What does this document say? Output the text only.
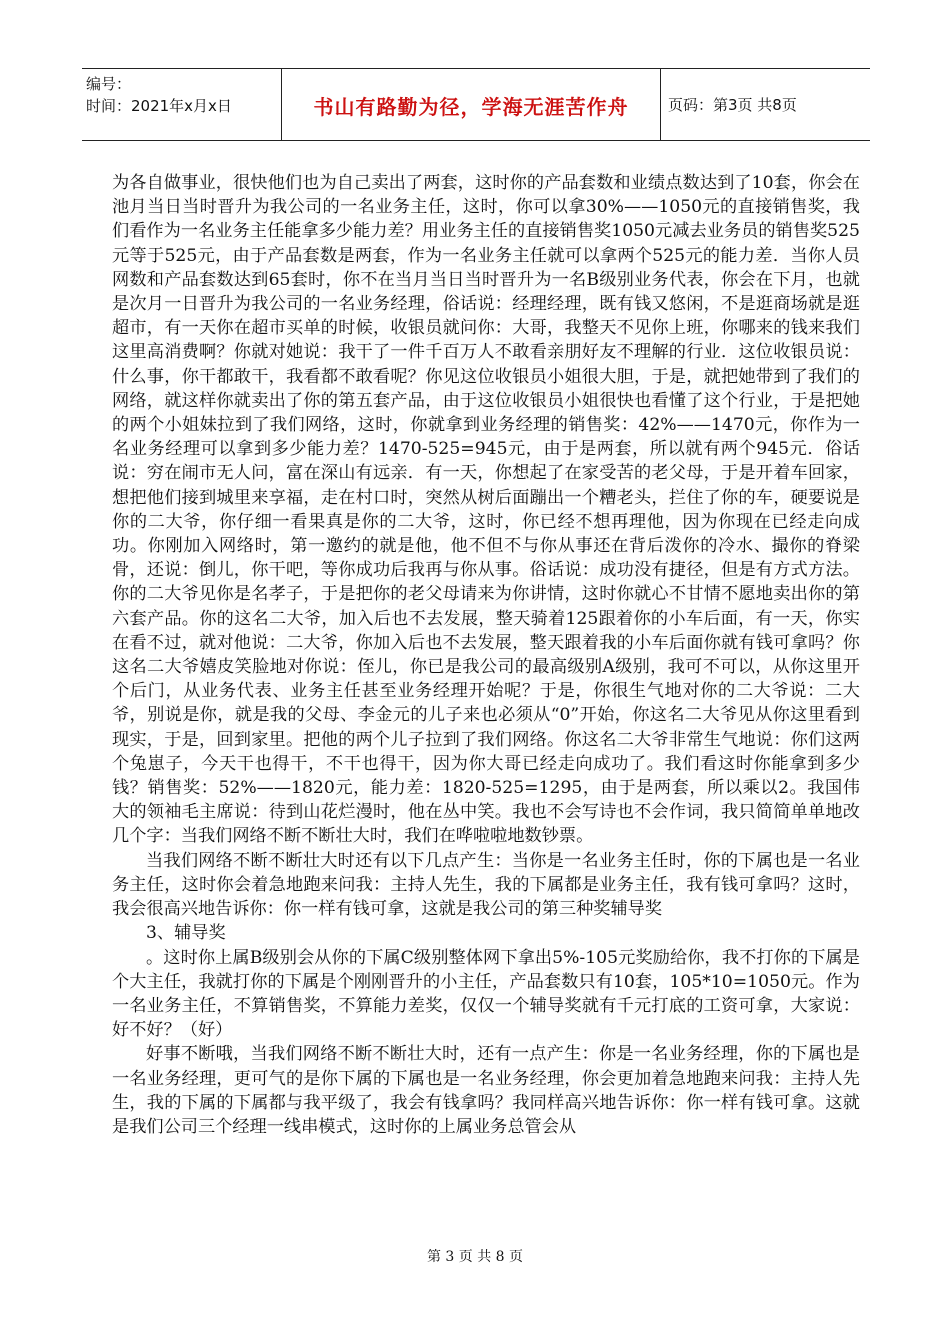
编号：
时间：2021年x月x日	书山有路勤为径，学海无涯苦作舟	页码：第3页 共8页

为各自做事业，很快他们也为自己卖出了两套，这时你的产品套数和业绩点数达到了10套，你会在池月当日当时晋升为我公司的一名业务主任，这时，你可以拿30%——1050元的直接销售奖，我们看作为一名业务主任能拿多少能力差？用业务主任的直接销售奖1050元减去业务员的销售奖525元等于525元，由于产品套数是两套，作为一名业务主任就可以拿两个525元的能力差．当你人员网数和产品套数达到65套时，你不在当月当日当时晋升为一名B级别业务代表，你会在下月，也就是次月一日晋升为我公司的一名业务经理，俗话说：经理经理，既有钱又悠闲，不是逛商场就是逛超市，有一天你在超市买单的时候，收银员就问你：大哥，我整天不见你上班，你哪来的钱来我们这里高消费啊？你就对她说：我干了一件千百万人不敢看亲朋好友不理解的行业．这位收银员说：什么事，你干都敢干，我看都不敢看呢？你见这位收银员小姐很大胆，于是，就把她带到了我们的网络，就这样你就卖出了你的第五套产品，由于这位收银员小姐很快也看懂了这个行业，于是把她的两个小姐妹拉到了我们网络，这时，你就拿到业务经理的销售奖：42%——1470元，你作为一名业务经理可以拿到多少能力差？1470-525=945元，由于是两套，所以就有两个945元．俗话说：穷在闹市无人问，富在深山有远亲．有一天，你想起了在家受苦的老父母，于是开着车回家，想把他们接到城里来享福，走在村口时，突然从树后面蹦出一个糟老头，拦住了你的车，硬要说是你的二大爷，你仔细一看果真是你的二大爷，这时，你已经不想再理他，因为你现在已经走向成功。你刚加入网络时，第一邀约的就是他，他不但不与你从事还在背后泼你的冷水、撮你的脊梁骨，还说：倒儿，你干吧，等你成功后我再与你从事。俗话说：成功没有捷径，但是有方式方法。你的二大爷见你是名孝子，于是把你的老父母请来为你讲情，这时你就心不甘情不愿地卖出你的第六套产品。你的这名二大爷，加入后也不去发展，整天骑着125跟着你的小车后面，有一天，你实在看不过，就对他说：二大爷，你加入后也不去发展，整天跟着我的小车后面你就有钱可拿吗？你这名二大爷嬉皮笑脸地对你说：侄儿，你已是我公司的最高级别A级别，我可不可以，从你这里开个后门，从业务代表、业务主任甚至业务经理开始呢？于是，你很生气地对你的二大爷说：二大爷，别说是你，就是我的父母、李金元的儿子来也必须从“0”开始，你这名二大爷见从你这里看到现实，于是，回到家里。把他的两个儿子拉到了我们网络。你这名二大爷非常生气地说：你们这两个兔崽子，今天干也得干，不干也得干，因为你大哥已经走向成功了。我们看这时你能拿到多少钱？销售奖：52%——1820元，能力差：1820-525=1295，由于是两套，所以乘以2。我国伟大的领袖毛主席说：待到山花烂漫时，他在丛中笑。我也不会写诗也不会作词，我只简简单单地改几个字：当我们网络不断不断壮大时，我们在哗啦啦地数钞票。

当我们网络不断不断壮大时还有以下几点产生：当你是一名业务主任时，你的下属也是一名业务主任，这时你会着急地跑来问我：主持人先生，我的下属都是业务主任，我有钱可拿吗？这时，我会很高兴地告诉你：你一样有钱可拿，这就是我公司的第三种奖辅导奖

3、辅导奖

。这时你上属B级别会从你的下属C级别整体网下拿出5%-105元奖励给你，我不打你的下属是个大主任，我就打你的下属是个刚刚晋升的小主任，产品套数只有10套，105*10=1050元。作为一名业务主任，不算销售奖，不算能力差奖，仅仅一个辅导奖就有千元打底的工资可拿，大家说：好不好？（好）

好事不断哦，当我们网络不断不断壮大时，还有一点产生：你是一名业务经理，你的下属也是一名业务经理，更可气的是你下属的下属也是一名业务经理，你会更加着急地跑来问我：主持人先生，我的下属的下属都与我平级了，我会有钱拿吗？我同样高兴地告诉你：你一样有钱可拿。这就是我们公司三个经理一线串模式，这时你的上属业务总管会从

第 3 页 共 8 页
